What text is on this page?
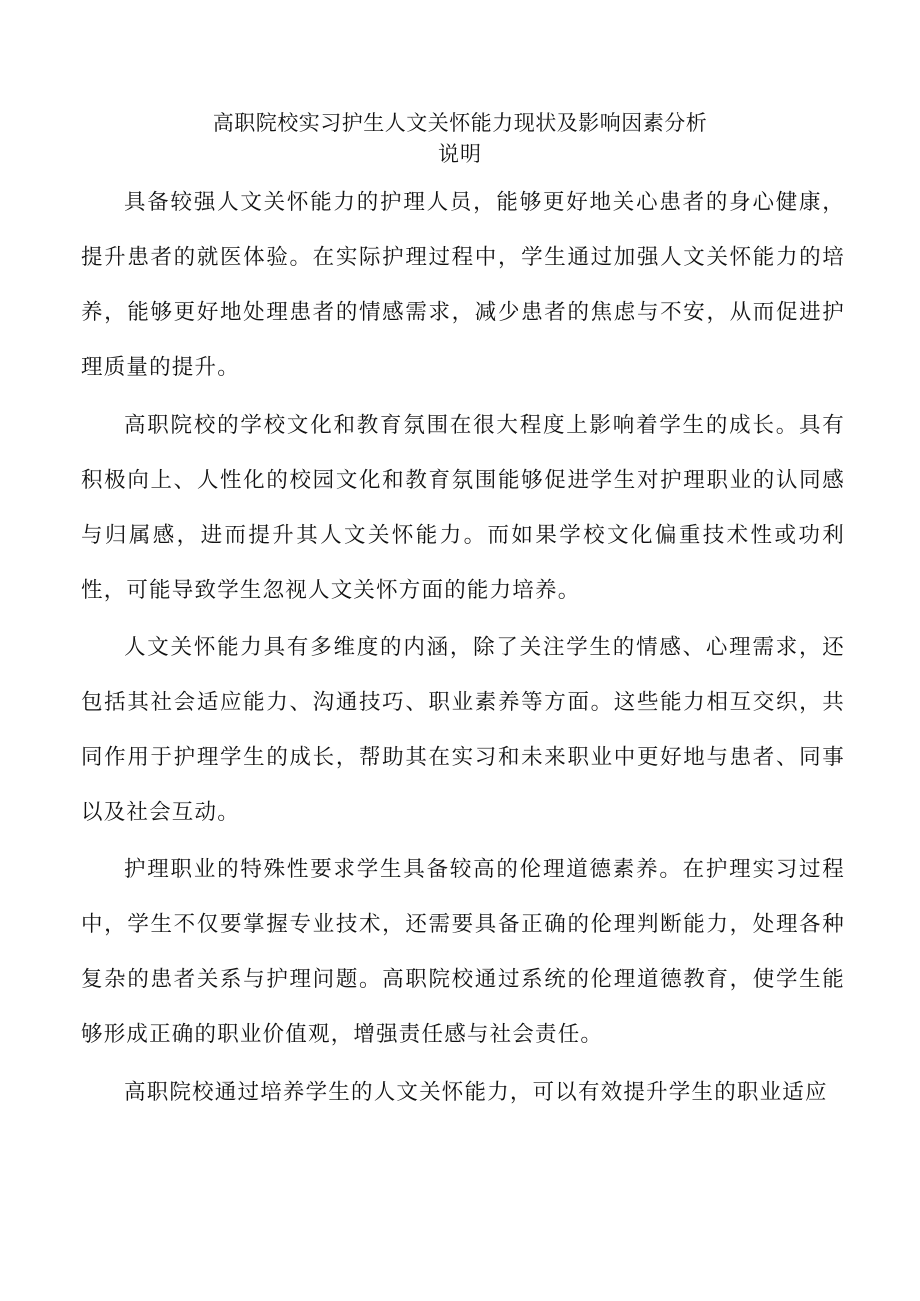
高职院校实习护生人文关怀能力现状及影响因素分析
说明

具备较强人文关怀能力的护理人员，能够更好地关心患者的身心健康，提升患者的就医体验。在实际护理过程中，学生通过加强人文关怀能力的培养，能够更好地处理患者的情感需求，减少患者的焦虑与不安，从而促进护理质量的提升。

高职院校的学校文化和教育氛围在很大程度上影响着学生的成长。具有积极向上、人性化的校园文化和教育氛围能够促进学生对护理职业的认同感与归属感，进而提升其人文关怀能力。而如果学校文化偏重技术性或功利性，可能导致学生忽视人文关怀方面的能力培养。

人文关怀能力具有多维度的内涵，除了关注学生的情感、心理需求，还包括其社会适应能力、沟通技巧、职业素养等方面。这些能力相互交织，共同作用于护理学生的成长，帮助其在实习和未来职业中更好地与患者、同事以及社会互动。

护理职业的特殊性要求学生具备较高的伦理道德素养。在护理实习过程中，学生不仅要掌握专业技术，还需要具备正确的伦理判断能力，处理各种复杂的患者关系与护理问题。高职院校通过系统的伦理道德教育，使学生能够形成正确的职业价值观，增强责任感与社会责任。

高职院校通过培养学生的人文关怀能力，可以有效提升学生的职业适应
